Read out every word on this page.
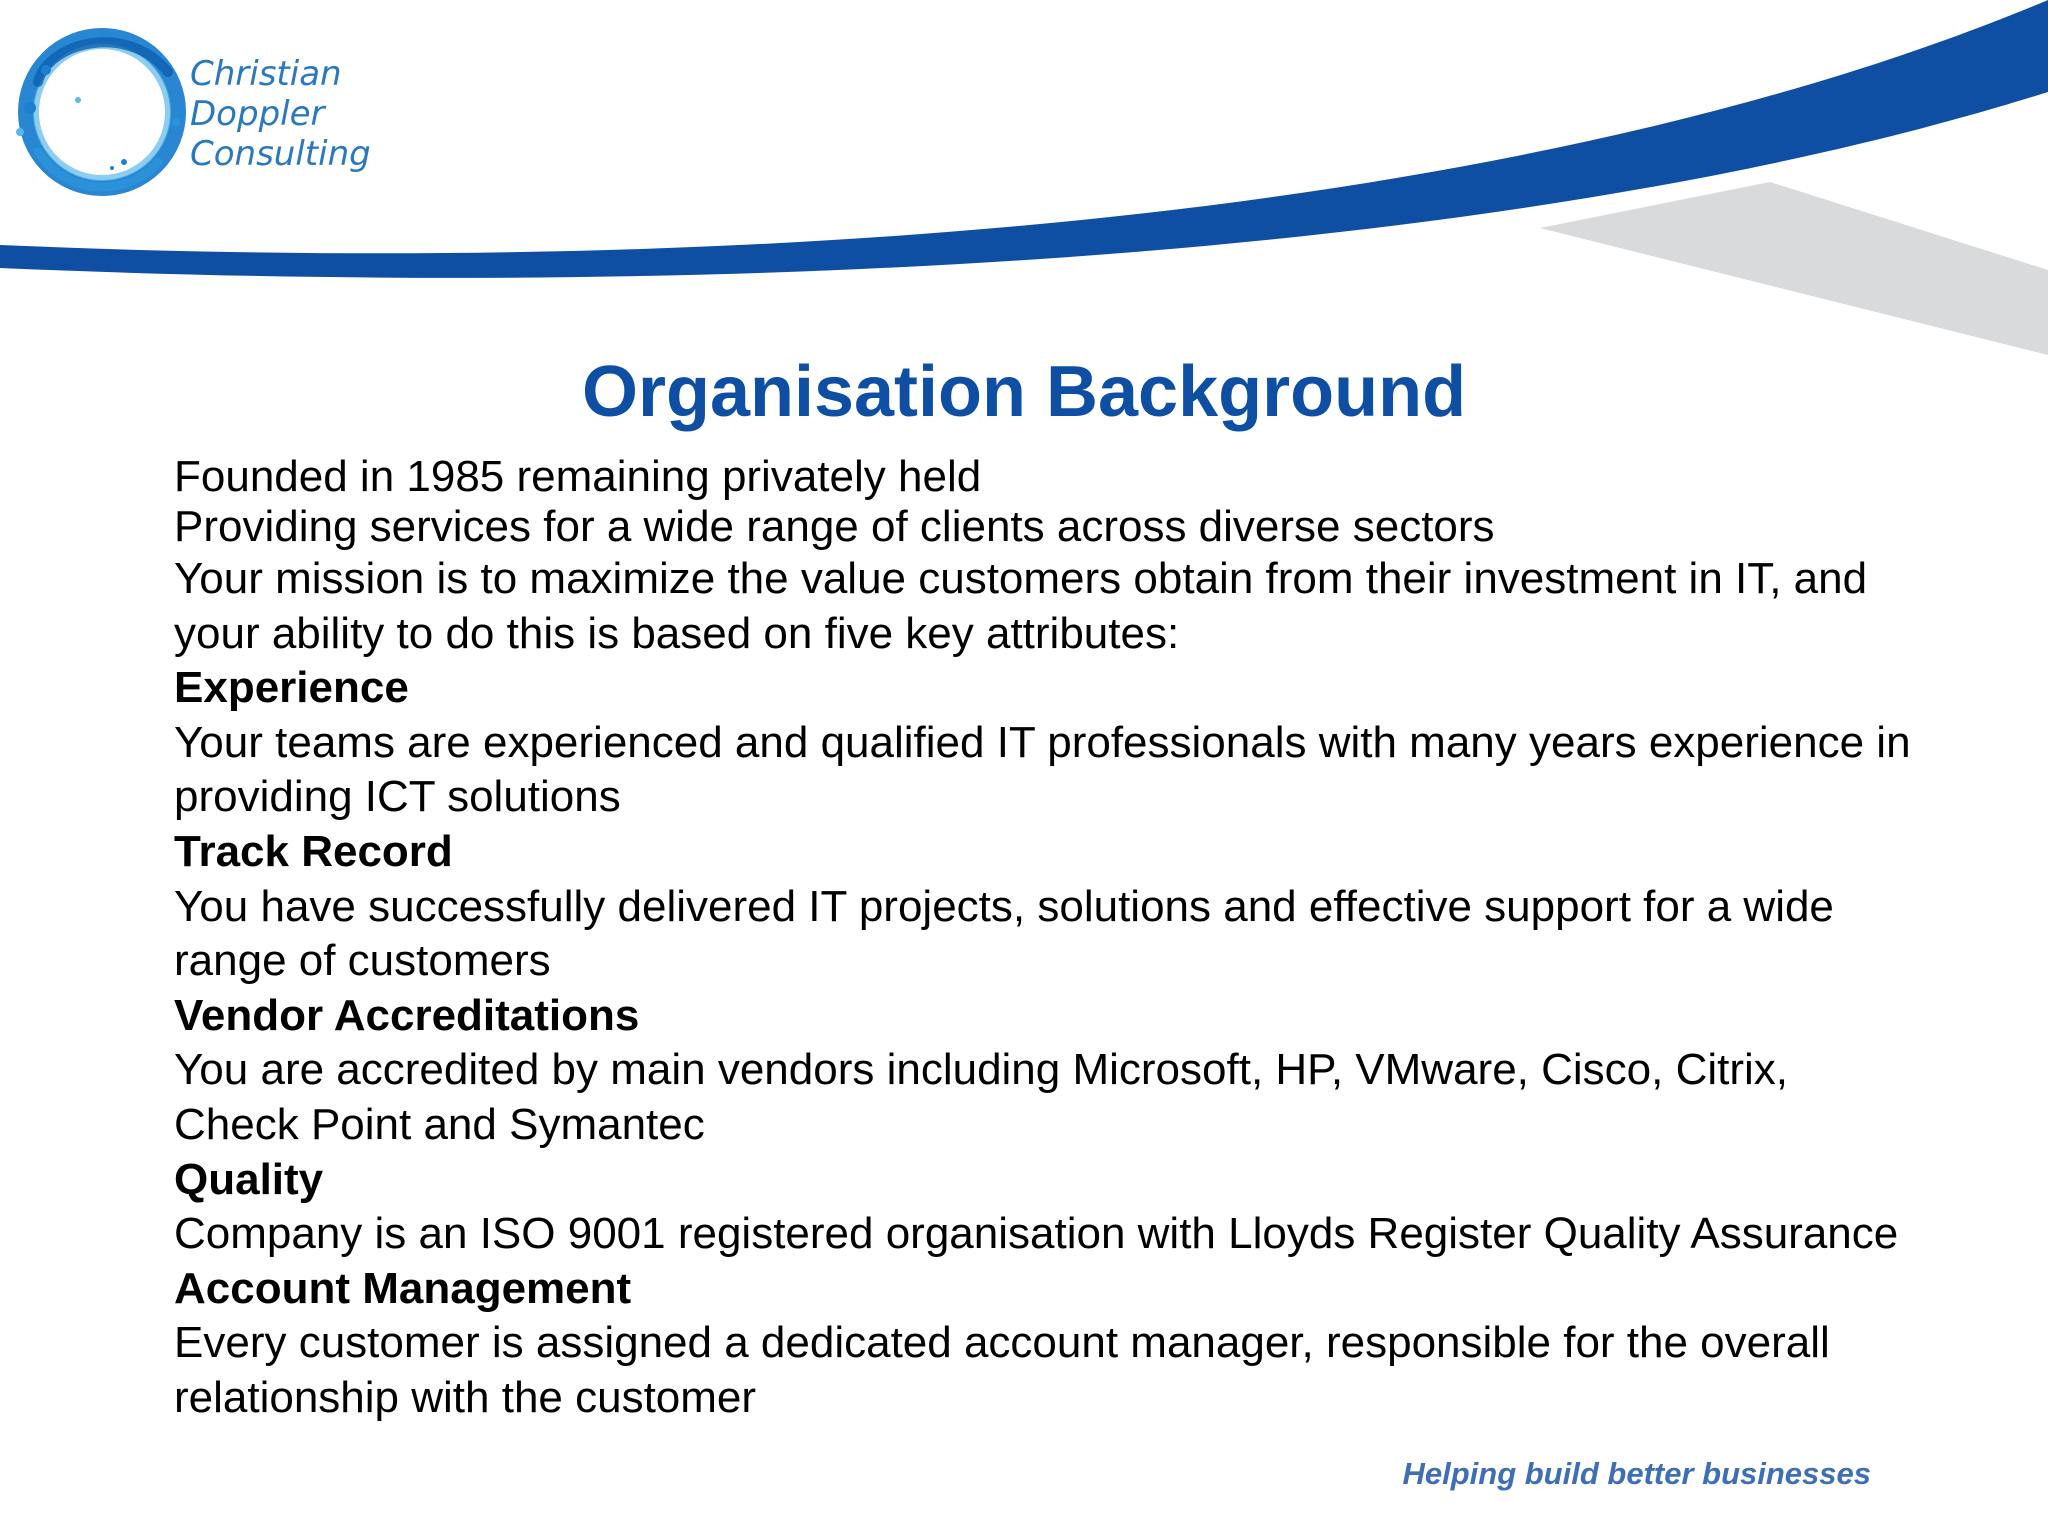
Christian
Doppler
Consulting
Organisation Background

Founded in 1985 remaining privately held

Providing services for a wide range of clients across diverse sectors

Your mission is to maximize the value customers obtain from their investment in IT, and your ability to do this is based on five key attributes:

Experience

Your teams are experienced and qualified IT professionals with many years experience in providing ICT solutions

Track Record

You have successfully delivered IT projects, solutions and effective support for a wide range of customers

Vendor Accreditations

You are accredited by main vendors including Microsoft, HP, VMware, Cisco, Citrix, Check Point and Symantec

Quality

Company is an ISO 9001 registered organisation with Lloyds Register Quality Assurance

Account Management

Every customer is assigned a dedicated account manager, responsible for the overall relationship with the customer

Helping build better businesses
